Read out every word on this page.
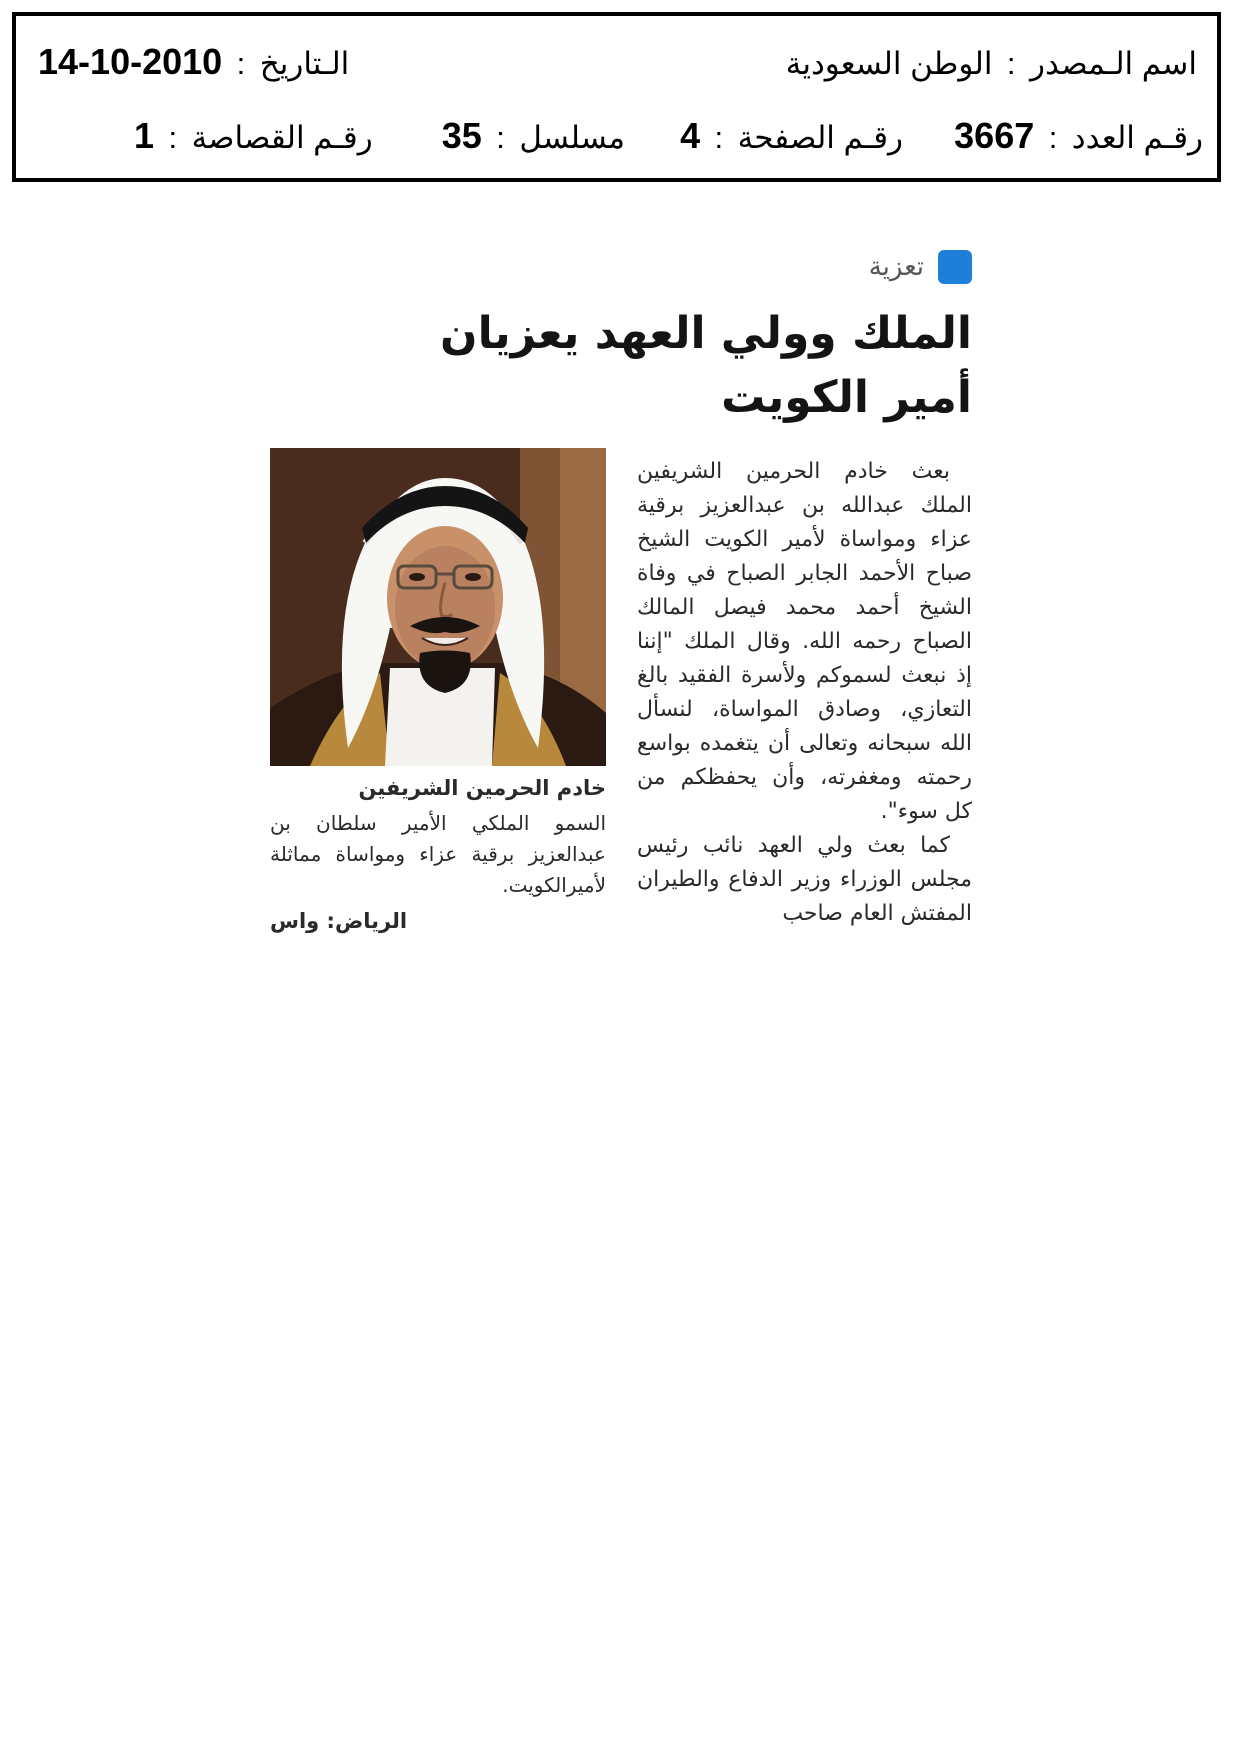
اسم الـمصدر : الوطن السعودية
الـتاريخ : 2010-10-14
رقـم العدد : 3667
رقـم الصفحة : 4
مسلسل : 35
رقـم القصاصة : 1
تعزية
الملك وولي العهد يعزيان
أمير الكويت

بعث خادم الحرمين الشريفين الملك عبدالله بن عبدالعزيز برقية عزاء ومواساة لأمير الكويت الشيخ صباح الأحمد الجابر الصباح في وفاة الشيخ أحمد محمد فيصل المالك الصباح رحمه الله. وقال الملك "إننا إذ نبعث لسموكم ولأسرة الفقيد بالغ التعازي، وصادق المواساة، لنسأل الله سبحانه وتعالى أن يتغمده بواسع رحمته ومغفرته، وأن يحفظكم من كل سوء".

كما بعث ولي العهد نائب رئيس مجلس الوزراء وزير الدفاع والطيران المفتش العام صاحب

خادم الحرمين الشريفين

السمو الملكي الأمير سلطان بن عبدالعزيز برقية عزاء ومواساة مماثلة لأميرالكويت.

الرياض: واس
